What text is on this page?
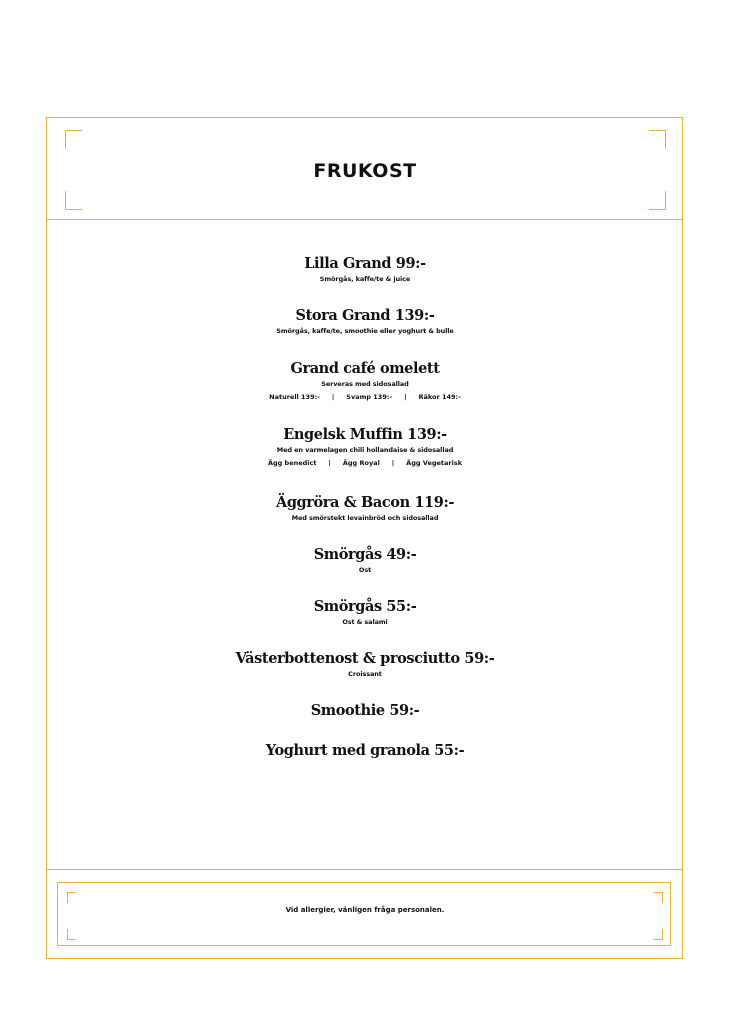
FRUKOST
Lilla Grand 99:-
Smörgås, kaffe/te & juice
Stora Grand 139:-
Smörgås, kaffe/te, smoothie eller yoghurt & bulle
Grand café omelett
Serveras med sidosallad
Naturell 139:- | Svamp 139:- | Räkor 149:-
Engelsk Muffin 139:-
Med en varmelagen chili hollandaise & sidosallad
Ägg benedict | Ägg Royal | Ägg Vegetarisk
Äggröra & Bacon 119:-
Med smörstekt levainbröd och sidosallad
Smörgås 49:-
Ost
Smörgås 55:-
Ost & salami
Västerbottenost & prosciutto 59:-
Croissant
Smoothie 59:-
Yoghurt med granola 55:-
Vid allergier, vänligen fråga personalen.
